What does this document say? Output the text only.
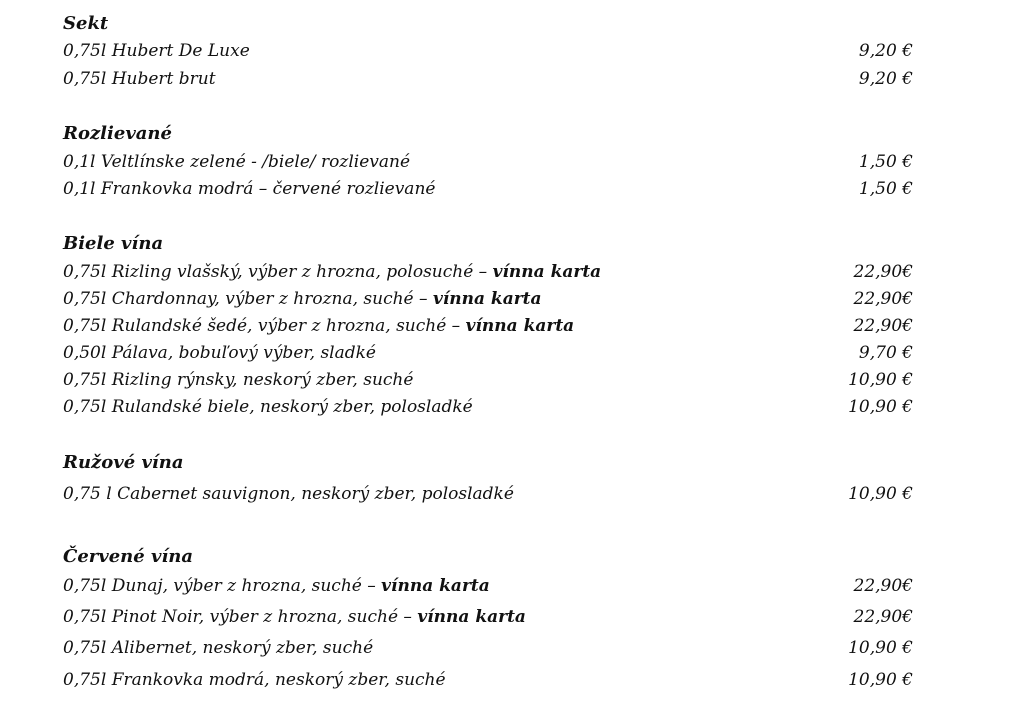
Sekt
0,75l Hubert De Luxe	9,20 €
0,75l Hubert brut	9,20 €
Rozlievané
0,1l Veltlínske zelené - /biele/ rozlievané	1,50 €
0,1l Frankovka modrá – červené rozlievané	1,50 €
Biele vína
0,75l Rizling vlašský, výber z hrozna, polosuché – vínna karta	22,90€
0,75l Chardonnay, výber z hrozna, suché – vínna karta	22,90€
0,75l Rulandské šedé, výber z hrozna, suché – vínna karta	22,90€
0,50l Pálava, bobuľový výber, sladké	9,70 €
0,75l Rizling rýnsky, neskorý zber, suché	10,90 €
0,75l Rulandské biele, neskorý zber, polosladké	10,90 €
Ružové vína
0,75 l Cabernet sauvignon, neskorý zber, polosladké	10,90 €
Červené vína
0,75l Dunaj, výber z hrozna, suché – vínna karta	22,90€
0,75l Pinot Noir, výber z hrozna, suché – vínna karta	22,90€
0,75l Alibernet, neskorý zber, suché	10,90 €
0,75l Frankovka modrá, neskorý zber, suché	10,90 €
